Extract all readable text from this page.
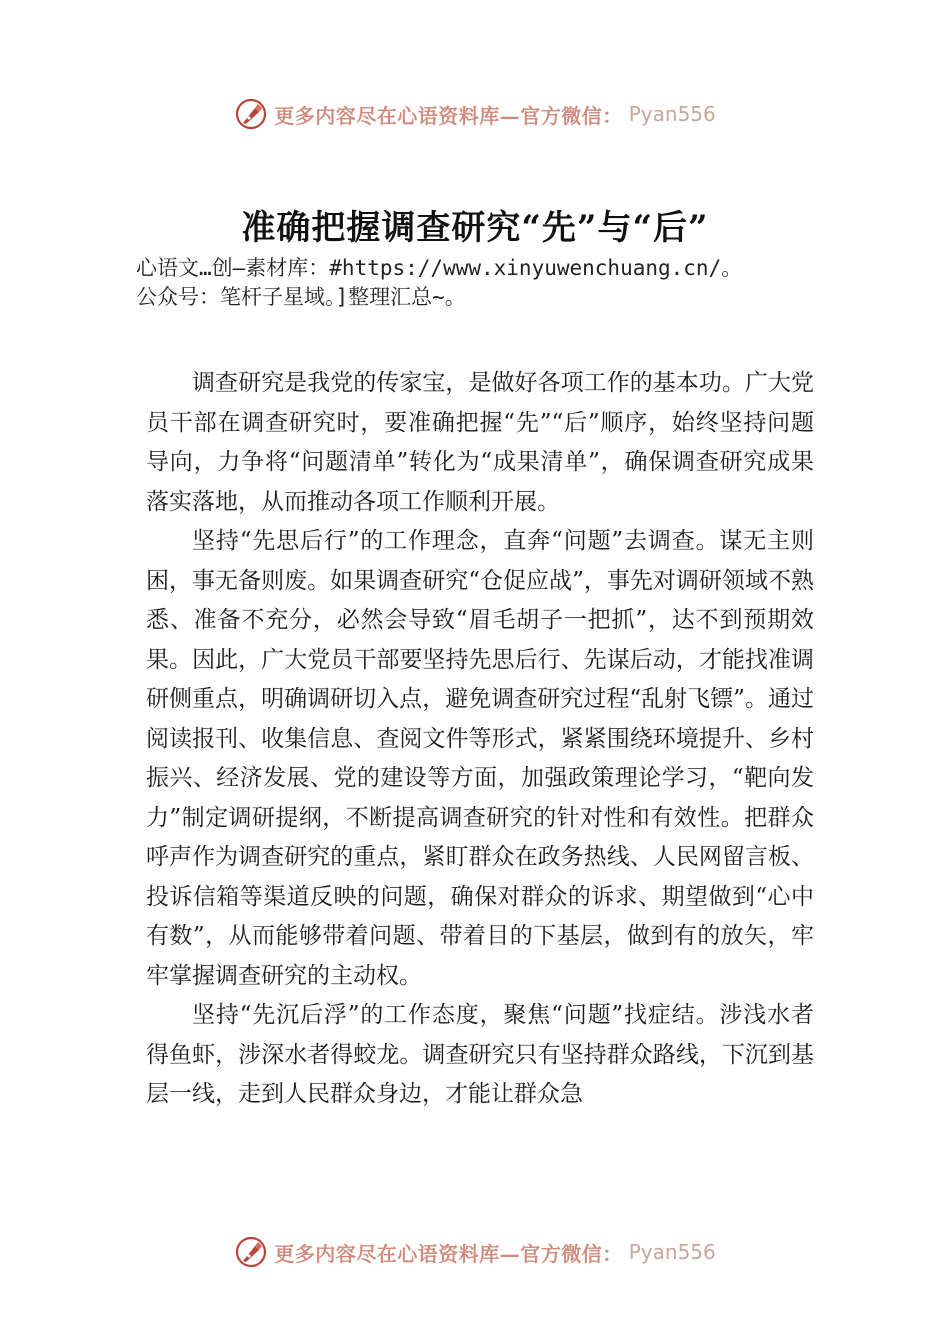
更多内容尽在心语资料库—官方微信： Pyan556
准确把握调查研究“先”与“后”
心语文…创—素材库：#https://www.xinyuwenchuang.cn/。
公众号：笔杆子星域。]整理汇总~。

调查研究是我党的传家宝，是做好各项工作的基本功。广大党员干部在调查研究时，要准确把握“先”“后”顺序，始终坚持问题导向，力争将“问题清单”转化为“成果清单”，确保调查研究成果落实落地，从而推动各项工作顺利开展。

坚持“先思后行”的工作理念，直奔“问题”去调查。谋无主则困，事无备则废。如果调查研究“仓促应战”，事先对调研领域不熟悉、准备不充分，必然会导致“眉毛胡子一把抓”，达不到预期效果。因此，广大党员干部要坚持先思后行、先谋后动，才能找准调研侧重点，明确调研切入点，避免调查研究过程“乱射飞镖”。通过阅读报刊、收集信息、查阅文件等形式，紧紧围绕环境提升、乡村振兴、经济发展、党的建设等方面，加强政策理论学习，“靶向发力”制定调研提纲，不断提高调查研究的针对性和有效性。把群众呼声作为调查研究的重点，紧盯群众在政务热线、人民网留言板、 投诉信箱等渠道反映的问题，确保对群众的诉求、期望做到“心中有数”，从而能够带着问题、带着目的下基层，做到有的放矢，牢牢掌握调查研究的主动权。

坚持“先沉后浮”的工作态度，聚焦“问题”找症结。涉浅水者得鱼虾，涉深水者得蛟龙。调查研究只有坚持群众路线，下沉到基层一线，走到人民群众身边，才能让群众急

更多内容尽在心语资料库—官方微信： Pyan556
